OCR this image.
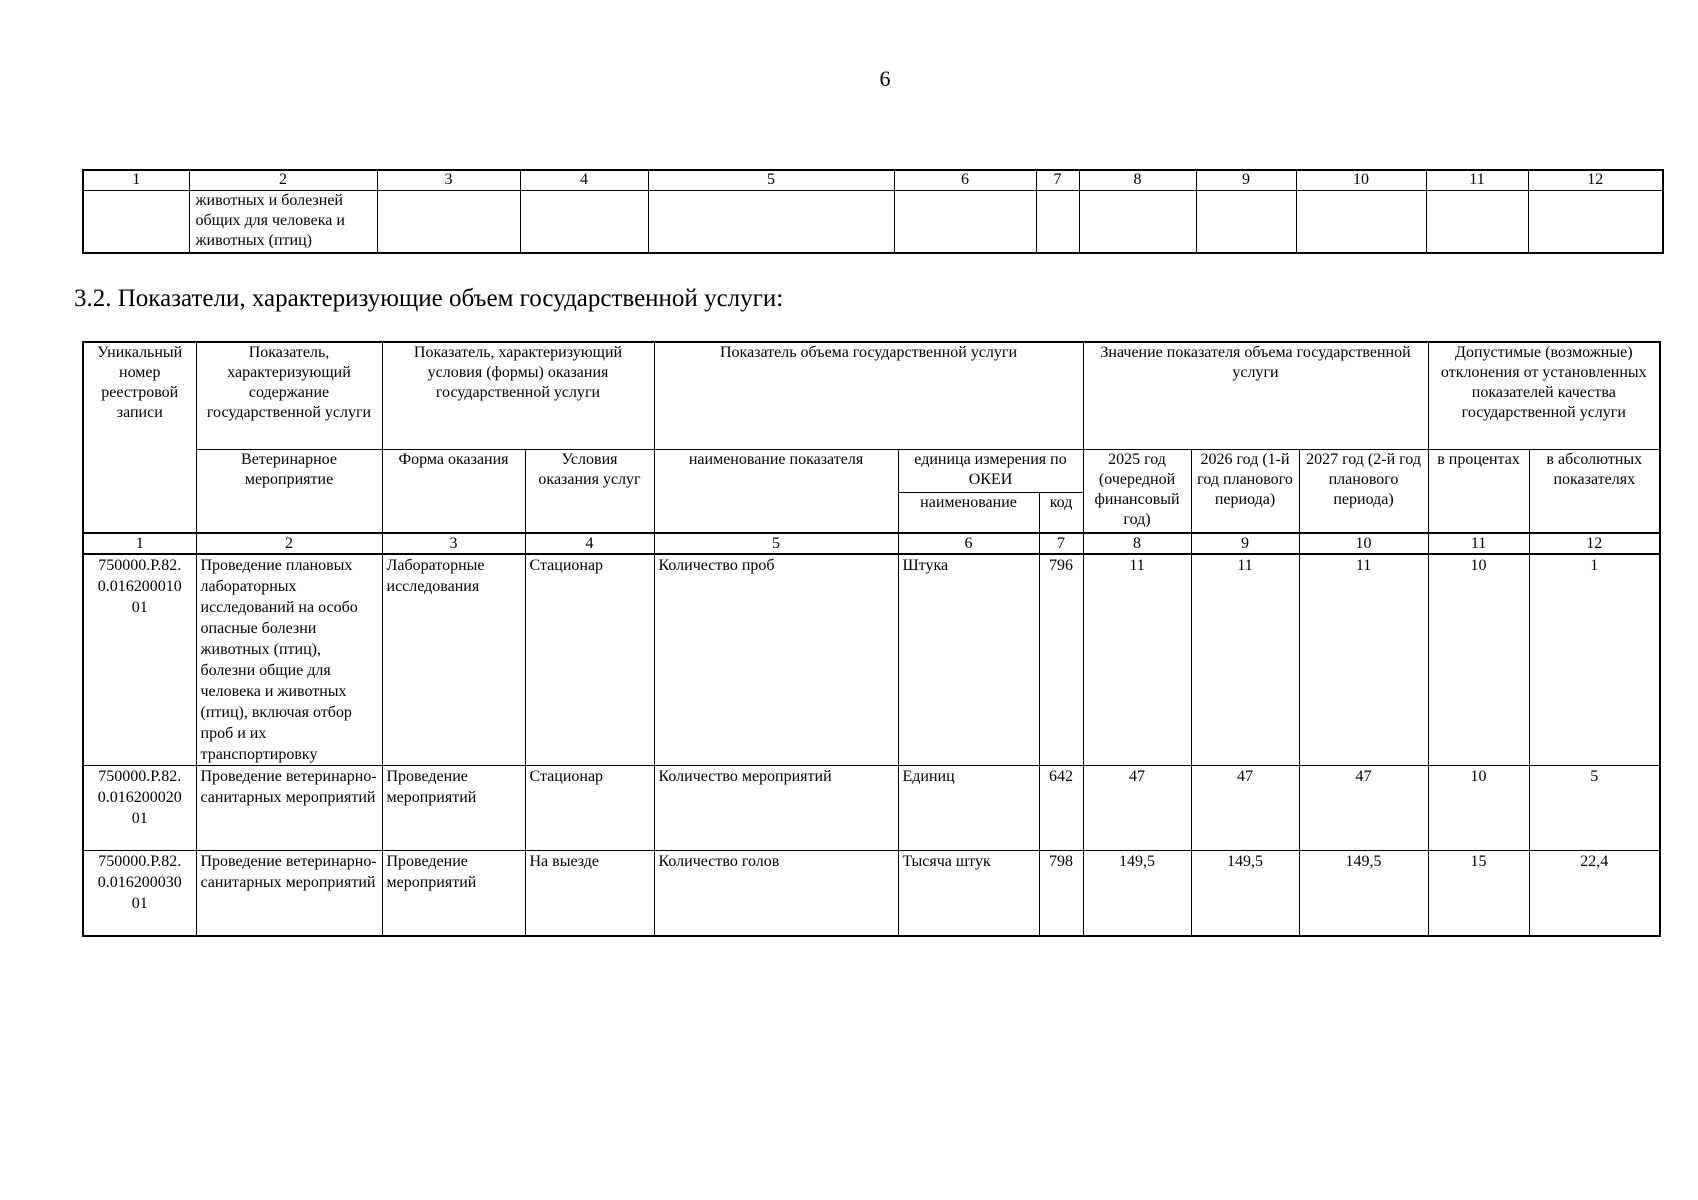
6
1	2	3	4	5	6	7	8	9	10	11	12
	животных и болезней общих для человека и животных (птиц)										
3.2. Показатели, характеризующие объем государственной услуги:
Уникальный номер реестровой записи	Показатель, характеризующий содержание государственной услуги	Показатель, характеризующий условия (формы) оказания государственной услуги		Показатель объема государственной услуги			Значение показателя объема государственной услуги			Допустимые (возможные) отклонения от установленных показателей качества государственной услуги	
	Ветеринарное мероприятие	Форма оказания	Условия оказания услуг	наименование показателя	единица измерения по ОКЕИ		2025 год (очередной финансовый год)	2026 год (1-й год планового периода)	2027 год (2-й год планового периода)	в процентах	в абсолютных показателях
					наименование	код					
1	2	3	4	5	6	7	8	9	10	11	12
750000.Р.82. 0.016200010 01	Проведение плановых лабораторных исследований на особо опасные болезни животных (птиц), болезни общие для человека и животных (птиц), включая отбор проб и их транспортировку	Лабораторные исследования	Стационар	Количество проб	Штука	796	11	11	11	10	1
750000.Р.82. 0.016200020 01	Проведение ветеринарно-санитарных мероприятий	Проведение мероприятий	Стационар	Количество мероприятий	Единиц	642	47	47	47	10	5
750000.Р.82. 0.016200030 01	Проведение ветеринарно-санитарных мероприятий	Проведение мероприятий	На выезде	Количество голов	Тысяча штук	798	149,5	149,5	149,5	15	22,4
